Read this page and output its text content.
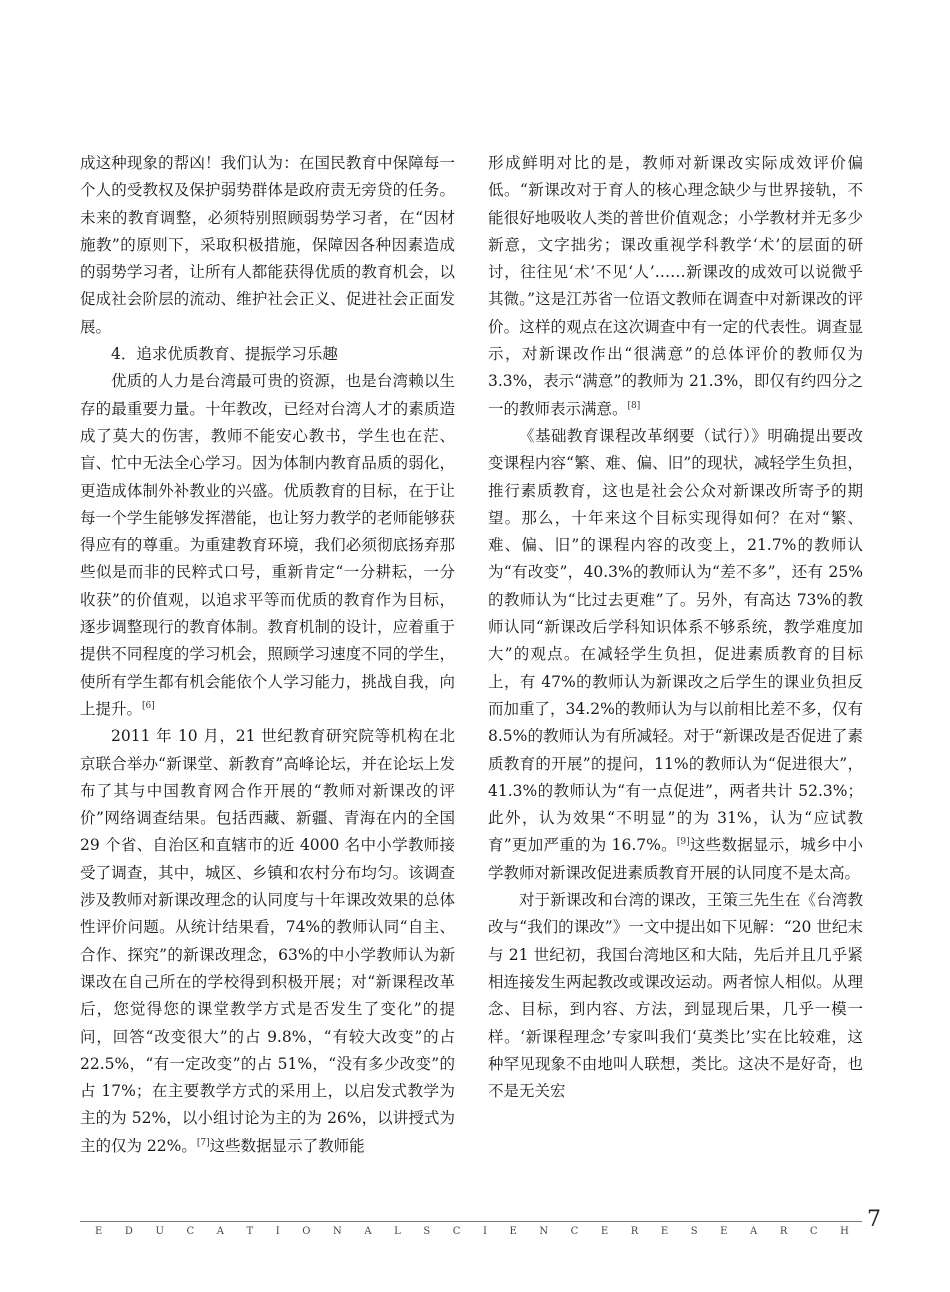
成这种现象的帮凶！我们认为：在国民教育中保障每一个人的受教权及保护弱势群体是政府责无旁贷的任务。未来的教育调整，必须特别照顾弱势学习者，在“因材施教”的原则下，采取积极措施，保障因各种因素造成的弱势学习者，让所有人都能获得优质的教育机会，以促成社会阶层的流动、维护社会正义、促进社会正面发展。

4．追求优质教育、提振学习乐趣

优质的人力是台湾最可贵的资源，也是台湾赖以生存的最重要力量。十年教改，已经对台湾人才的素质造成了莫大的伤害，教师不能安心教书，学生也在茫、盲、忙中无法全心学习。因为体制内教育品质的弱化，更造成体制外补教业的兴盛。优质教育的目标，在于让每一个学生能够发挥潜能，也让努力教学的老师能够获得应有的尊重。为重建教育环境，我们必须彻底扬弃那些似是而非的民粹式口号，重新肯定“一分耕耘，一分收获”的价值观，以追求平等而优质的教育作为目标，逐步调整现行的教育体制。教育机制的设计，应着重于提供不同程度的学习机会，照顾学习速度不同的学生，使所有学生都有机会能依个人学习能力，挑战自我，向上提升。[6]

2011 年 10 月，21 世纪教育研究院等机构在北京联合举办“新课堂、新教育”高峰论坛，并在论坛上发布了其与中国教育网合作开展的“教师对新课改的评价”网络调查结果。包括西藏、新疆、青海在内的全国 29 个省、自治区和直辖市的近 4000 名中小学教师接受了调查，其中，城区、乡镇和农村分布均匀。该调查涉及教师对新课改理念的认同度与十年课改效果的总体性评价问题。从统计结果看，74%的教师认同“自主、合作、探究”的新课改理念，63%的中小学教师认为新课改在自己所在的学校得到积极开展；对“新课程改革后，您觉得您的课堂教学方式是否发生了变化”的提问，回答“改变很大”的占 9.8%，“有较大改变”的占 22.5%，“有一定改变”的占 51%，“没有多少改变”的占 17%；在主要教学方式的采用上，以启发式教学为主的为 52%，以小组讨论为主的为 26%，以讲授式为主的仅为 22%。[7]这些数据显示了教师能

形成鲜明对比的是，教师对新课改实际成效评价偏低。“新课改对于育人的核心理念缺少与世界接轨，不能很好地吸收人类的普世价值观念；小学教材并无多少新意，文字拙劣；课改重视学科教学‘术’的层面的研讨，往往见‘术’不见‘人’……新课改的成效可以说微乎其微。”这是江苏省一位语文教师在调查中对新课改的评价。这样的观点在这次调查中有一定的代表性。调查显示，对新课改作出“很满意”的总体评价的教师仅为 3.3%，表示“满意”的教师为 21.3%，即仅有约四分之一的教师表示满意。[8]

《基础教育课程改革纲要（试行）》明确提出要改变课程内容“繁、难、偏、旧”的现状，减轻学生负担，推行素质教育，这也是社会公众对新课改所寄予的期望。那么，十年来这个目标实现得如何？在对“繁、难、偏、旧”的课程内容的改变上，21.7%的教师认为“有改变”，40.3%的教师认为“差不多”，还有 25%的教师认为“比过去更难”了。另外，有高达 73%的教师认同“新课改后学科知识体系不够系统，教学难度加大”的观点。在减轻学生负担，促进素质教育的目标上，有 47%的教师认为新课改之后学生的课业负担反而加重了，34.2%的教师认为与以前相比差不多，仅有 8.5%的教师认为有所减轻。对于“新课改是否促进了素质教育的开展”的提问，11%的教师认为“促进很大”，41.3%的教师认为“有一点促进”，两者共计 52.3%；此外，认为效果“不明显”的为 31%，认为“应试教育”更加严重的为 16.7%。[9]这些数据显示，城乡中小学教师对新课改促进素质教育开展的认同度不是太高。

对于新课改和台湾的课改，王策三先生在《台湾教改与“我们的课改”》一文中提出如下见解：“20 世纪末与 21 世纪初，我国台湾地区和大陆，先后并且几乎紧相连接发生两起教改或课改运动。两者惊人相似。从理念、目标，到内容、方法，到显现后果，几乎一模一样。‘新课程理念’专家叫我们‘莫类比’实在比较难，这种罕见现象不由地叫人联想，类比。这决不是好奇，也不是无关宏

E D U C A T I O N A L S C I E N C E R E S E A R C H 7
